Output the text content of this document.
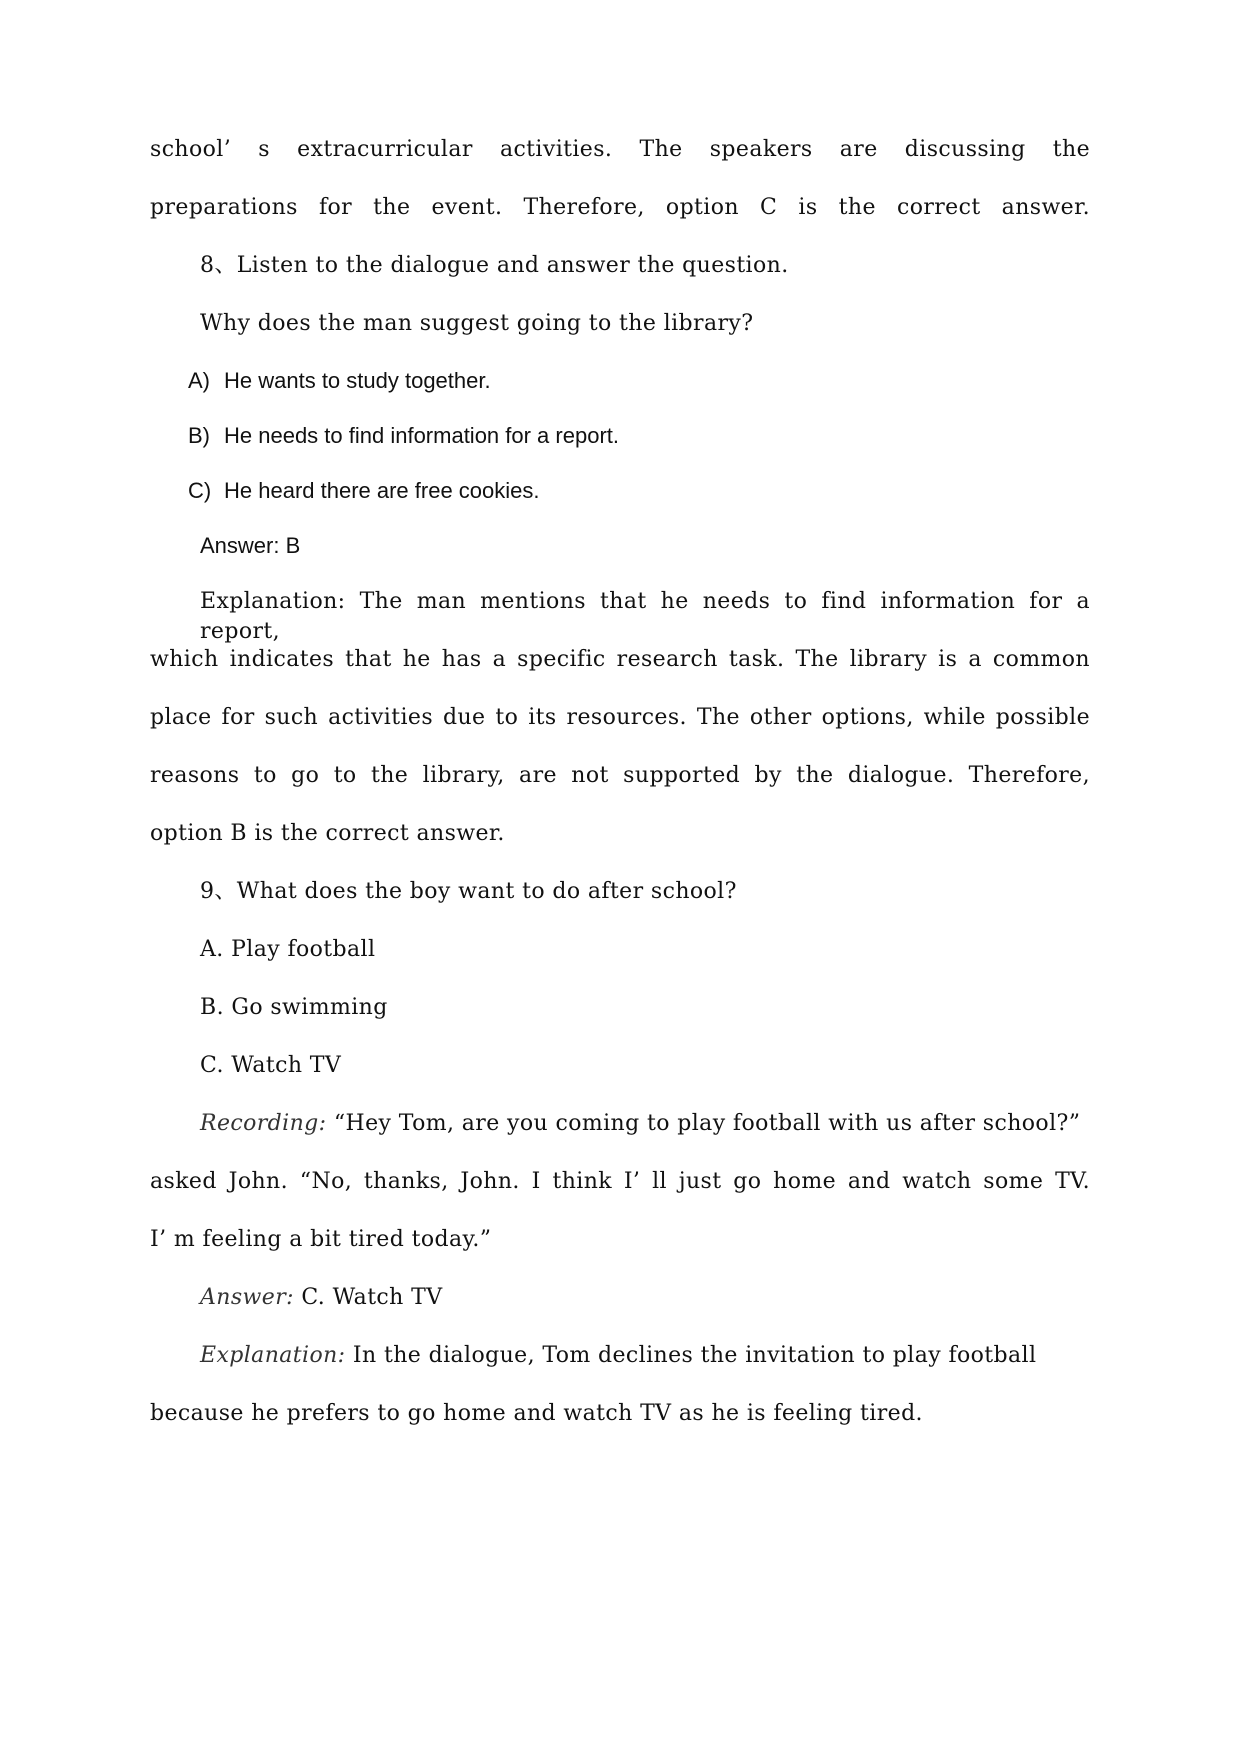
school’ s extracurricular activities. The speakers are discussing the
preparations for the event. Therefore, option C is the correct answer.
8、Listen to the dialogue and answer the question.
Why does the man suggest going to the library?
A) He wants to study together.
B) He needs to find information for a report.
C) He heard there are free cookies.
Answer: B
Explanation: The man mentions that he needs to find information for a report,
which indicates that he has a specific research task. The library is a common
place for such activities due to its resources. The other options, while possible
reasons to go to the library, are not supported by the dialogue. Therefore,
option B is the correct answer.
9、What does the boy want to do after school?
A. Play football
B. Go swimming
C. Watch TV
Recording: “Hey Tom, are you coming to play football with us after school?”
asked John. “No, thanks, John. I think I’ ll just go home and watch some TV.
I’ m feeling a bit tired today.”
Answer: C. Watch TV
Explanation: In the dialogue, Tom declines the invitation to play football
because he prefers to go home and watch TV as he is feeling tired.
